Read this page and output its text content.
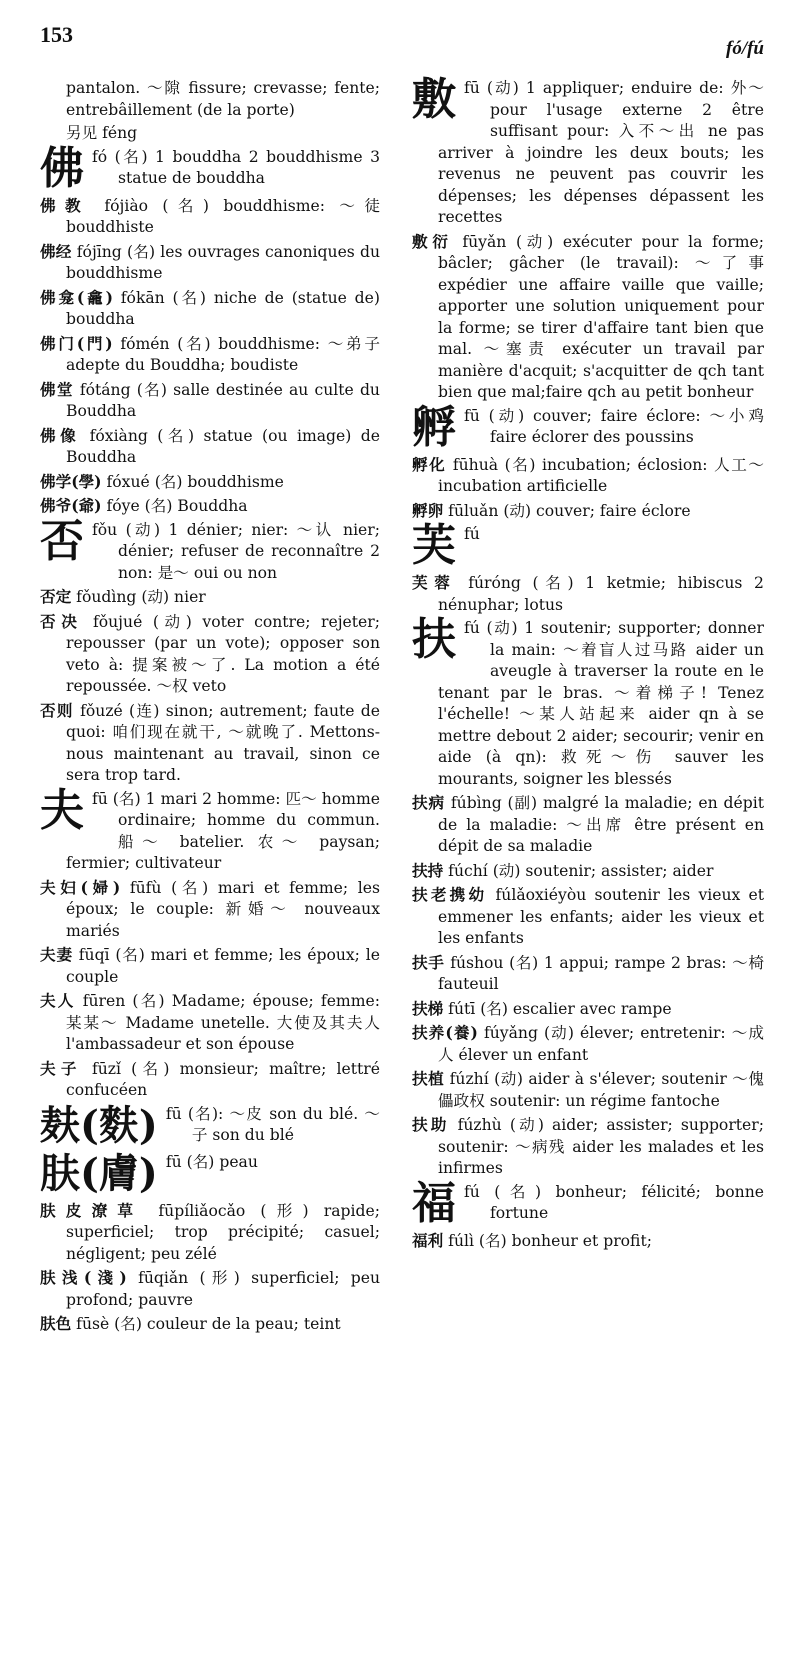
153
fó/fú
pantalon. ～隙 fissure; crevasse; fente; entrebâillement (de la porte)
另见 féng
佛fó (名) 1 bouddha 2 bouddhisme 3 statue de bouddha
佛教 fójiào (名) bouddhisme: ～徒 bouddhiste
佛经 fójīng (名) les ouvrages canoniques du bouddhisme
佛龛(龕) fókān (名) niche de (statue de) bouddha
佛门(門) fómén (名) bouddhisme: ～弟子 adepte du Bouddha; boudiste
佛堂 fótáng (名) salle destinée au culte du Bouddha
佛像 fóxiàng (名) statue (ou image) de Bouddha
佛学(學) fóxué (名) bouddhisme
佛爷(爺) fóye (名) Bouddha
否fǒu (动) 1 dénier; nier: ～认 nier; dénier; refuser de reconnaître 2 non: 是～ oui ou non
否定 fǒudìng (动) nier
否决 fǒujué (动) voter contre; rejeter; repousser (par un vote); opposer son veto à: 提案被～了. La motion a été repoussée. ～权 veto
否则 fǒuzé (连) sinon; autrement; faute de quoi: 咱们现在就干, ～就晚了. Mettons-nous maintenant au travail, sinon ce sera trop tard.
夫fū (名) 1 mari 2 homme: 匹～ homme ordinaire; homme du commun. 船～ batelier. 农～ paysan; fermier; cultivateur
夫妇(婦) fūfù (名) mari et femme; les époux; le couple: 新婚～ nouveaux mariés
夫妻 fūqī (名) mari et femme; les époux; le couple
夫人 fūren (名) Madame; épouse; femme: 某某～ Madame unetelle. 大使及其夫人 l'ambassadeur et son épouse
夫子 fūzǐ (名) monsieur; maître; lettré confucéen
麸(麩) fū (名): ～皮 son du blé. ～子 son du blé
肤(膚) fū (名) peau
肤皮潦草 fūpíliǎocǎo (形) rapide; superficiel; trop précipité; casuel; négligent; peu zélé
肤浅(淺) fūqiǎn (形) superficiel; peu profond; pauvre
肤色 fūsè (名) couleur de la peau; teint
敷fū (动) 1 appliquer; enduire de: 外～ pour l'usage externe 2 être suffisant pour: 入不～出 ne pas arriver à joindre les deux bouts; les revenus ne peuvent pas couvrir les dépenses; les dépenses dépassent les recettes
敷衍 fūyǎn (动) exécuter pour la forme; bâcler; gâcher (le travail): ～了事 expédier une affaire vaille que vaille; apporter une solution uniquement pour la forme; se tirer d'affaire tant bien que mal. ～塞责 exécuter un travail par manière d'acquit; s'acquitter de qch tant bien que mal;faire qch au petit bonheur
孵fū (动) couver; faire éclore: ～小鸡 faire éclorer des poussins
孵化 fūhuà (名) incubation; éclosion: 人工～ incubation artificielle
孵卵 fūluǎn (动) couver; faire éclore
芙fú
芙蓉 fúróng (名) 1 ketmie; hibiscus 2 nénuphar; lotus
扶fú (动) 1 soutenir; supporter; donner la main: ～着盲人过马路 aider un aveugle à traverser la route en le tenant par le bras. ～着梯子! Tenez l'échelle! ～某人站起来 aider qn à se mettre debout 2 aider; secourir; venir en aide (à qn): 救死～伤 sauver les mourants, soigner les blessés
扶病 fúbìng (副) malgré la maladie; en dépit de la maladie: ～出席 être présent en dépit de sa maladie
扶持 fúchí (动) soutenir; assister; aider
扶老携幼 fúlǎoxiéyòu soutenir les vieux et emmener les enfants; aider les vieux et les enfants
扶手 fúshou (名) 1 appui; rampe 2 bras: ～椅 fauteuil
扶梯 fútī (名) escalier avec rampe
扶养(養) fúyǎng (动) élever; entretenir: ～成人 élever un enfant
扶植 fúzhí (动) aider à s'élever; soutenir ～傀儡政权 soutenir: un régime fantoche
扶助 fúzhù (动) aider; assister; supporter; soutenir: ～病残 aider les malades et les infirmes
福fú (名) bonheur; félicité; bonne fortune
福利 fúlì (名) bonheur et profit;
